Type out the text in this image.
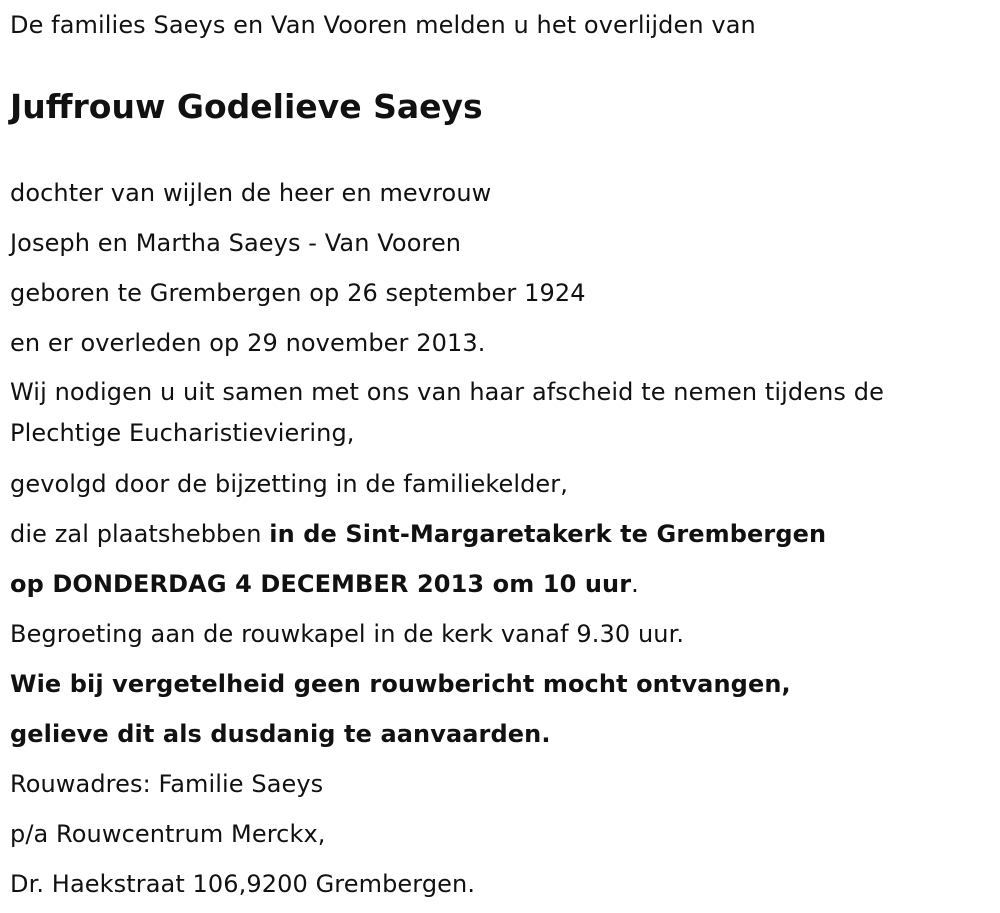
De families Saeys en Van Vooren melden u het overlijden van
Juffrouw Godelieve Saeys
dochter van wijlen de heer en mevrouw
Joseph en Martha Saeys - Van Vooren
geboren te Grembergen op 26 september 1924
en er overleden op 29 november 2013.
Wij nodigen u uit samen met ons van haar afscheid te nemen tijdens de Plechtige Eucharistieviering,
gevolgd door de bijzetting in de familiekelder,
die zal plaatshebben in de Sint-Margaretakerk te Grembergen
op DONDERDAG 4 DECEMBER 2013 om 10 uur.
Begroeting aan de rouwkapel in de kerk vanaf 9.30 uur.
Wie bij vergetelheid geen rouwbericht mocht ontvangen,
gelieve dit als dusdanig te aanvaarden.
Rouwadres: Familie Saeys
p/a Rouwcentrum Merckx,
Dr. Haekstraat 106,9200 Grembergen.
